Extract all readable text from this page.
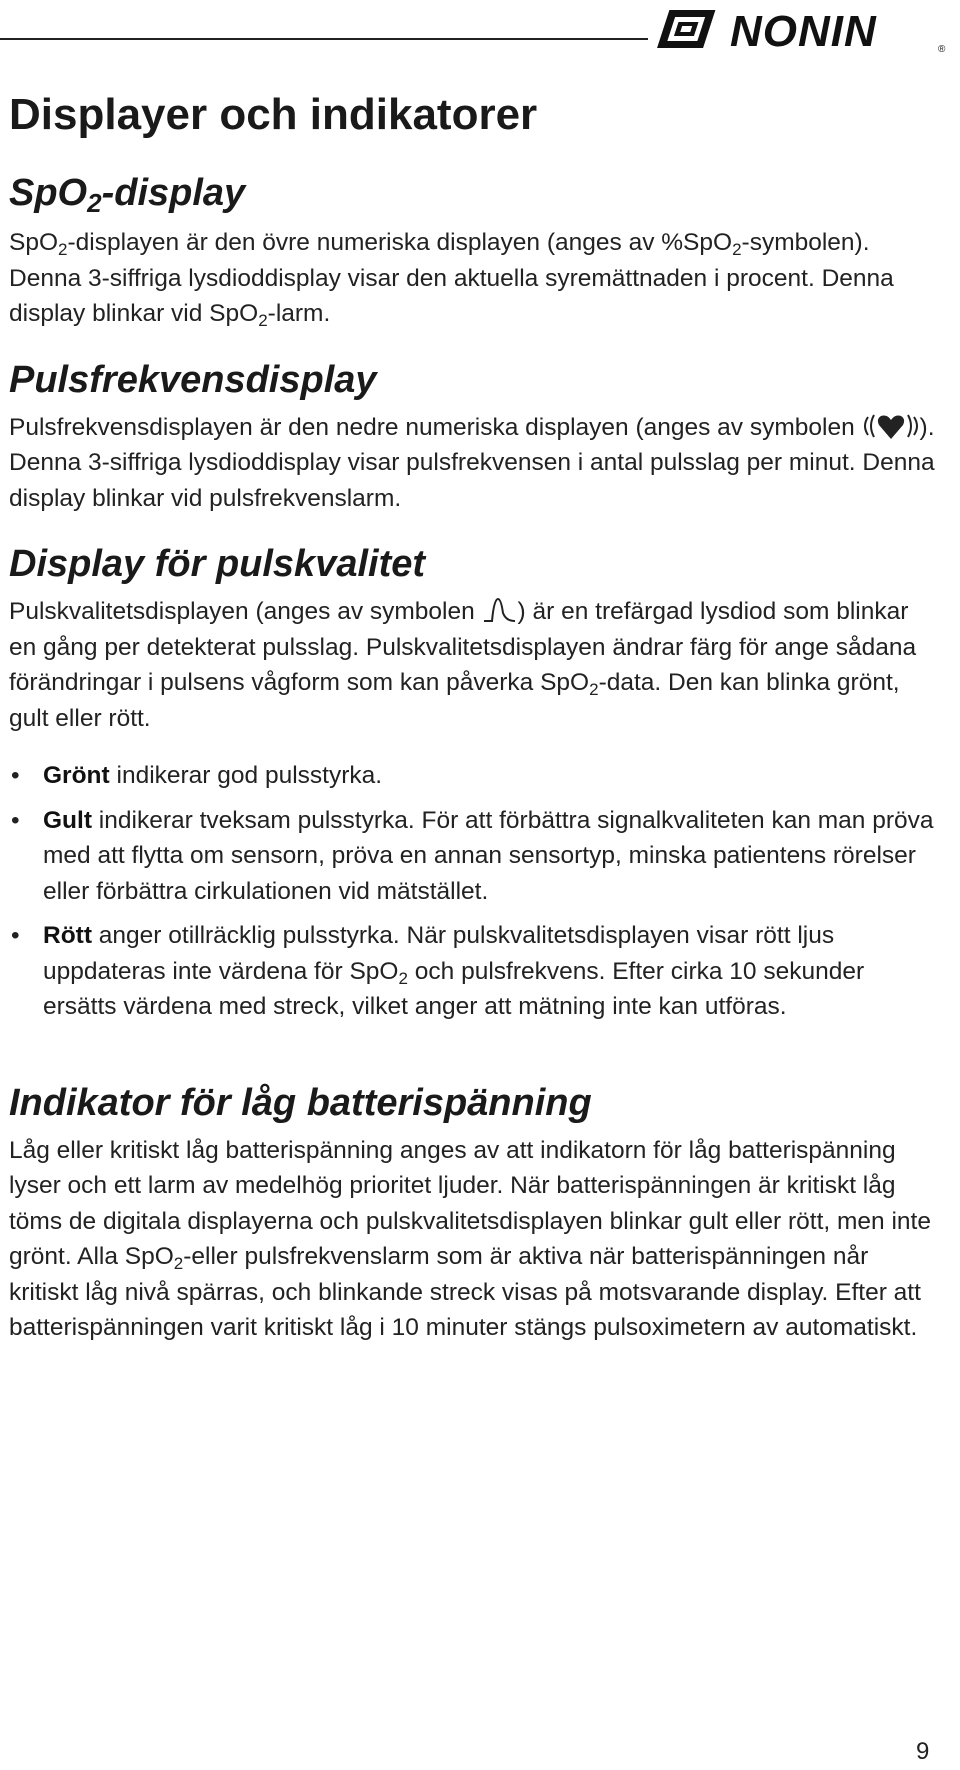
NONIN	®
Displayer och indikatorer
SpO$_2$-display

SpO$_2$-displayen är den övre numeriska displayen (anges av %SpO$_2$-symbolen). Denna 3-siffriga lysdioddisplay visar den aktuella syremättnaden i procent. Denna display blinkar vid SpO$_2$-larm.

Pulsfrekvensdisplay

Pulsfrekvensdisplayen är den nedre numeriska displayen (anges av symbolen ). Denna 3-siffriga lysdioddisplay visar pulsfrekvensen i antal pulsslag per minut. Denna display blinkar vid pulsfrekvenslarm.

Display för pulskvalitet

Pulskvalitetsdisplayen (anges av symbolen ) är en trefärgad lysdiod som blinkar en gång per detekterat pulsslag. Pulskvalitetsdisplayen ändrar färg för ange sådana förändringar i pulsens vågform som kan påverka SpO$_2$-data. Den kan blinka grönt, gult eller rött.

• Grönt indikerar god pulsstyrka.
• Gult indikerar tveksam pulsstyrka. För att förbättra signalkvaliteten kan man pröva med att flytta om sensorn, pröva en annan sensortyp, minska patientens rörelser eller förbättra cirkulationen vid mätstället.
• Rött anger otillräcklig pulsstyrka. När pulskvalitetsdisplayen visar rött ljus uppdateras inte värdena för SpO$_2$ och pulsfrekvens. Efter cirka 10 sekunder ersätts värdena med streck, vilket anger att mätning inte kan utföras.
Indikator för låg batterispänning

Låg eller kritiskt låg batterispänning anges av att indikatorn för låg batterispänning lyser och ett larm av medelhög prioritet ljuder. När batterispänningen är kritiskt låg töms de digitala displayerna och pulskvalitetsdisplayen blinkar gult eller rött, men inte grönt. Alla SpO$_2$-eller pulsfrekvenslarm som är aktiva när batterispänningen når kritiskt låg nivå spärras, och blinkande streck visas på motsvarande display. Efter att batterispänningen varit kritiskt låg i 10 minuter stängs pulsoximetern av automatiskt.

9
